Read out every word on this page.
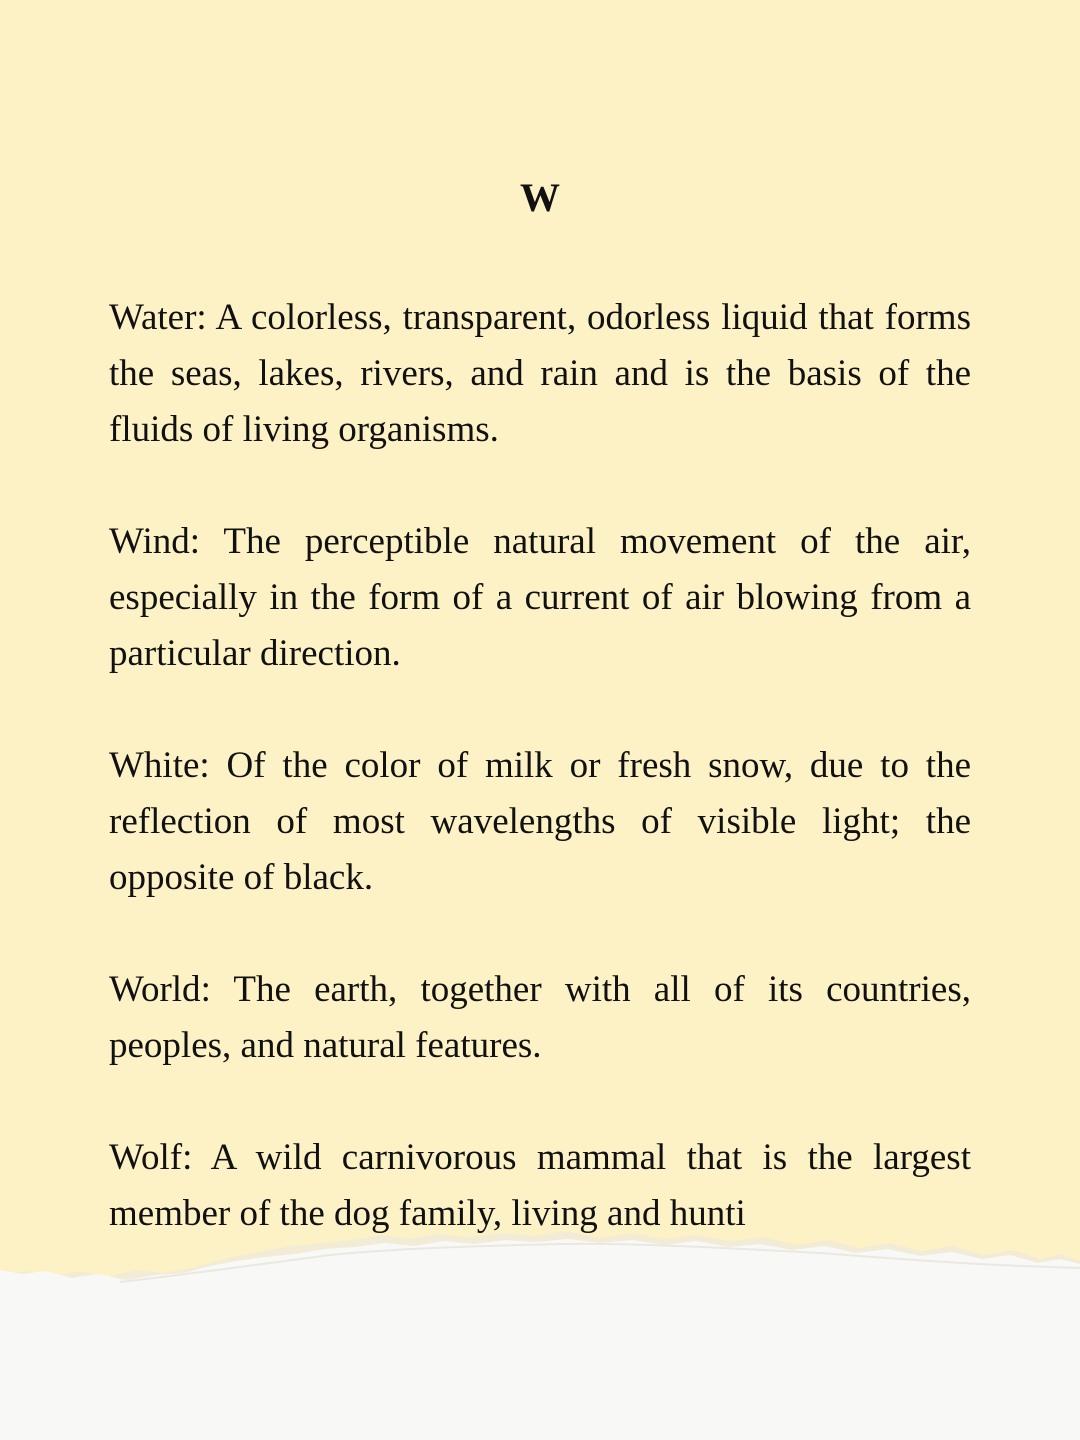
W

Water: A colorless, transparent, odorless liquid that forms the seas, lakes, rivers, and rain and is the basis of the fluids of living organisms.

Wind: The perceptible natural movement of the air, especially in the form of a current of air blowing from a particular direction.

White: Of the color of milk or fresh snow, due to the reflection of most wavelengths of visible light; the opposite of black.

World: The earth, together with all of its countries, peoples, and natural features.

Wolf: A wild carnivorous mammal that is the largest member of the dog family, living and hunti
